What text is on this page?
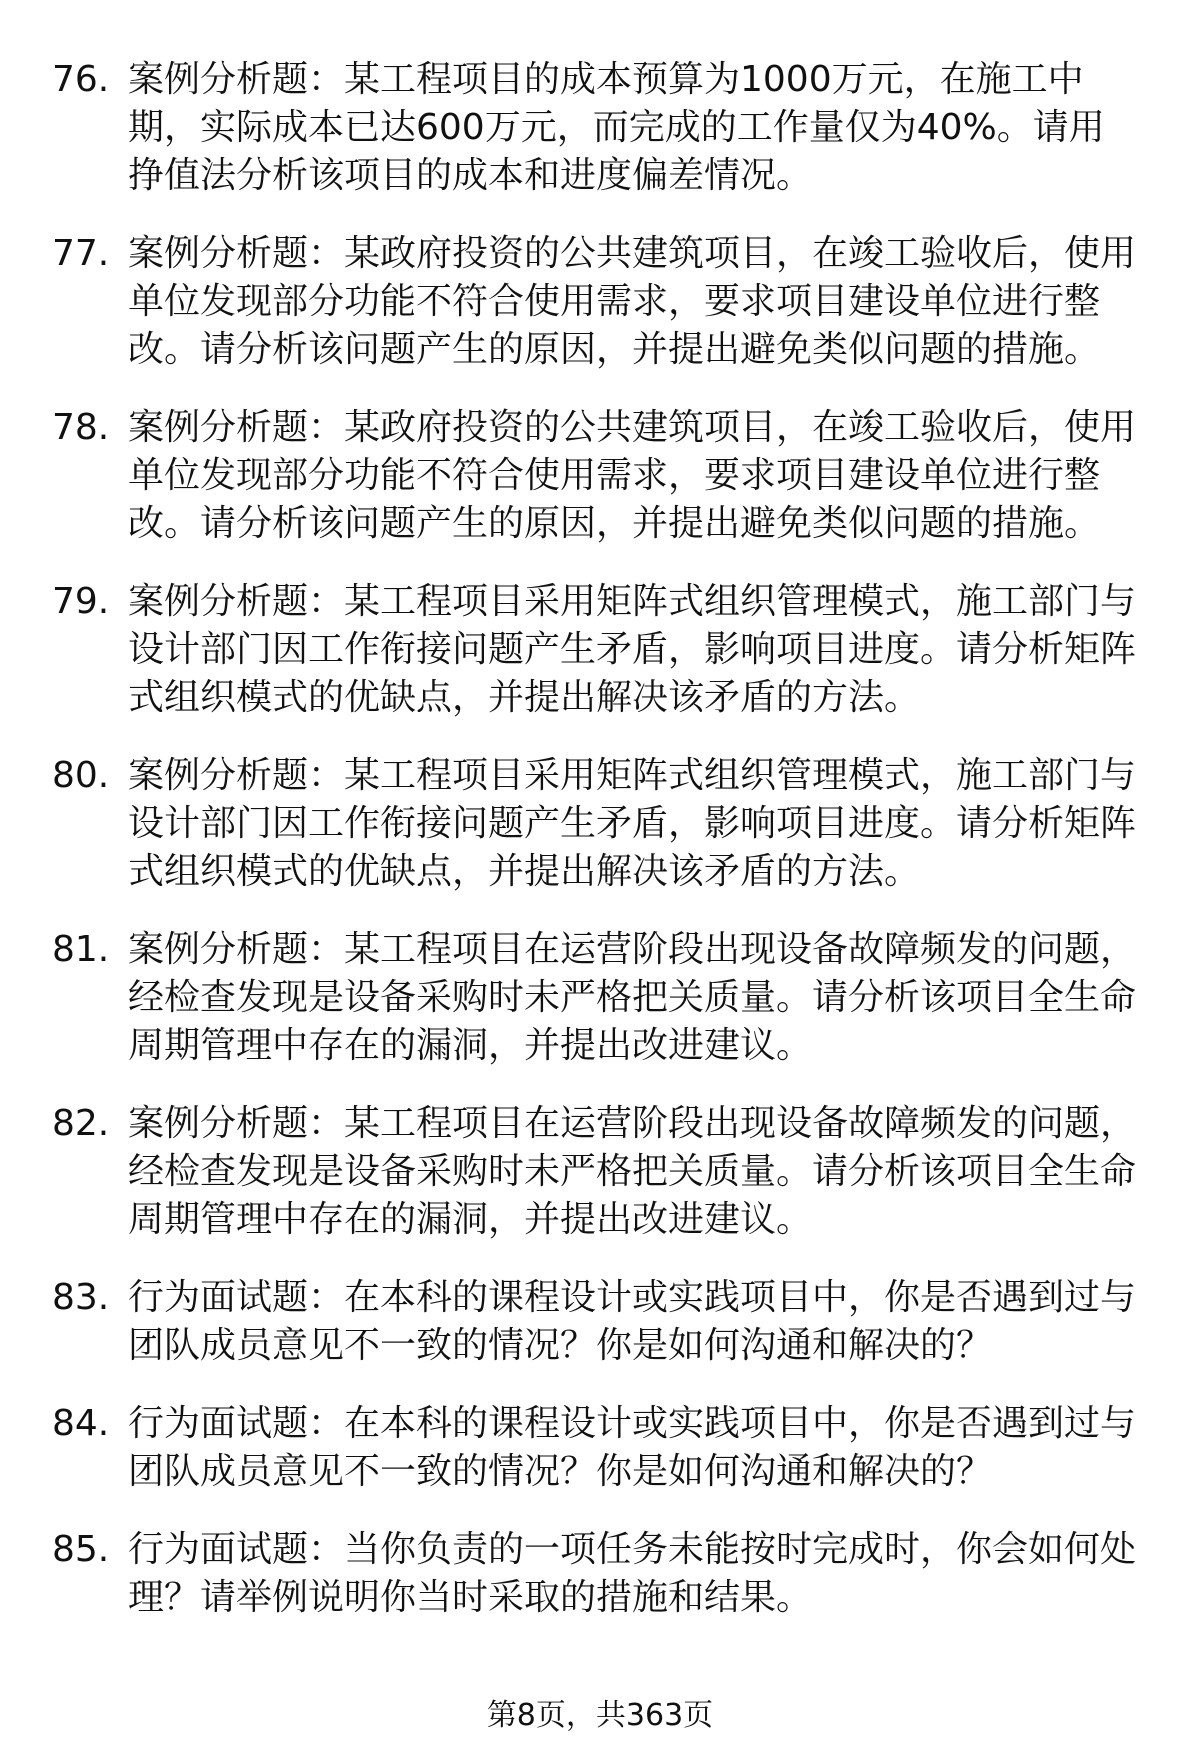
76. 案例分析题：某工程项目的成本预算为1000万元，在施工中期，实际成本已达600万元，而完成的工作量仅为40%。请用挣值法分析该项目的成本和进度偏差情况。
77. 案例分析题：某政府投资的公共建筑项目，在竣工验收后，使用单位发现部分功能不符合使用需求，要求项目建设单位进行整改。请分析该问题产生的原因，并提出避免类似问题的措施。
78. 案例分析题：某政府投资的公共建筑项目，在竣工验收后，使用单位发现部分功能不符合使用需求，要求项目建设单位进行整改。请分析该问题产生的原因，并提出避免类似问题的措施。
79. 案例分析题：某工程项目采用矩阵式组织管理模式，施工部门与设计部门因工作衔接问题产生矛盾，影响项目进度。请分析矩阵式组织模式的优缺点，并提出解决该矛盾的方法。
80. 案例分析题：某工程项目采用矩阵式组织管理模式，施工部门与设计部门因工作衔接问题产生矛盾，影响项目进度。请分析矩阵式组织模式的优缺点，并提出解决该矛盾的方法。
81. 案例分析题：某工程项目在运营阶段出现设备故障频发的问题，经检查发现是设备采购时未严格把关质量。请分析该项目全生命周期管理中存在的漏洞，并提出改进建议。
82. 案例分析题：某工程项目在运营阶段出现设备故障频发的问题，经检查发现是设备采购时未严格把关质量。请分析该项目全生命周期管理中存在的漏洞，并提出改进建议。
83. 行为面试题：在本科的课程设计或实践项目中，你是否遇到过与团队成员意见不一致的情况？你是如何沟通和解决的？
84. 行为面试题：在本科的课程设计或实践项目中，你是否遇到过与团队成员意见不一致的情况？你是如何沟通和解决的？
85. 行为面试题：当你负责的一项任务未能按时完成时，你会如何处理？请举例说明你当时采取的措施和结果。
第8页，共363页
